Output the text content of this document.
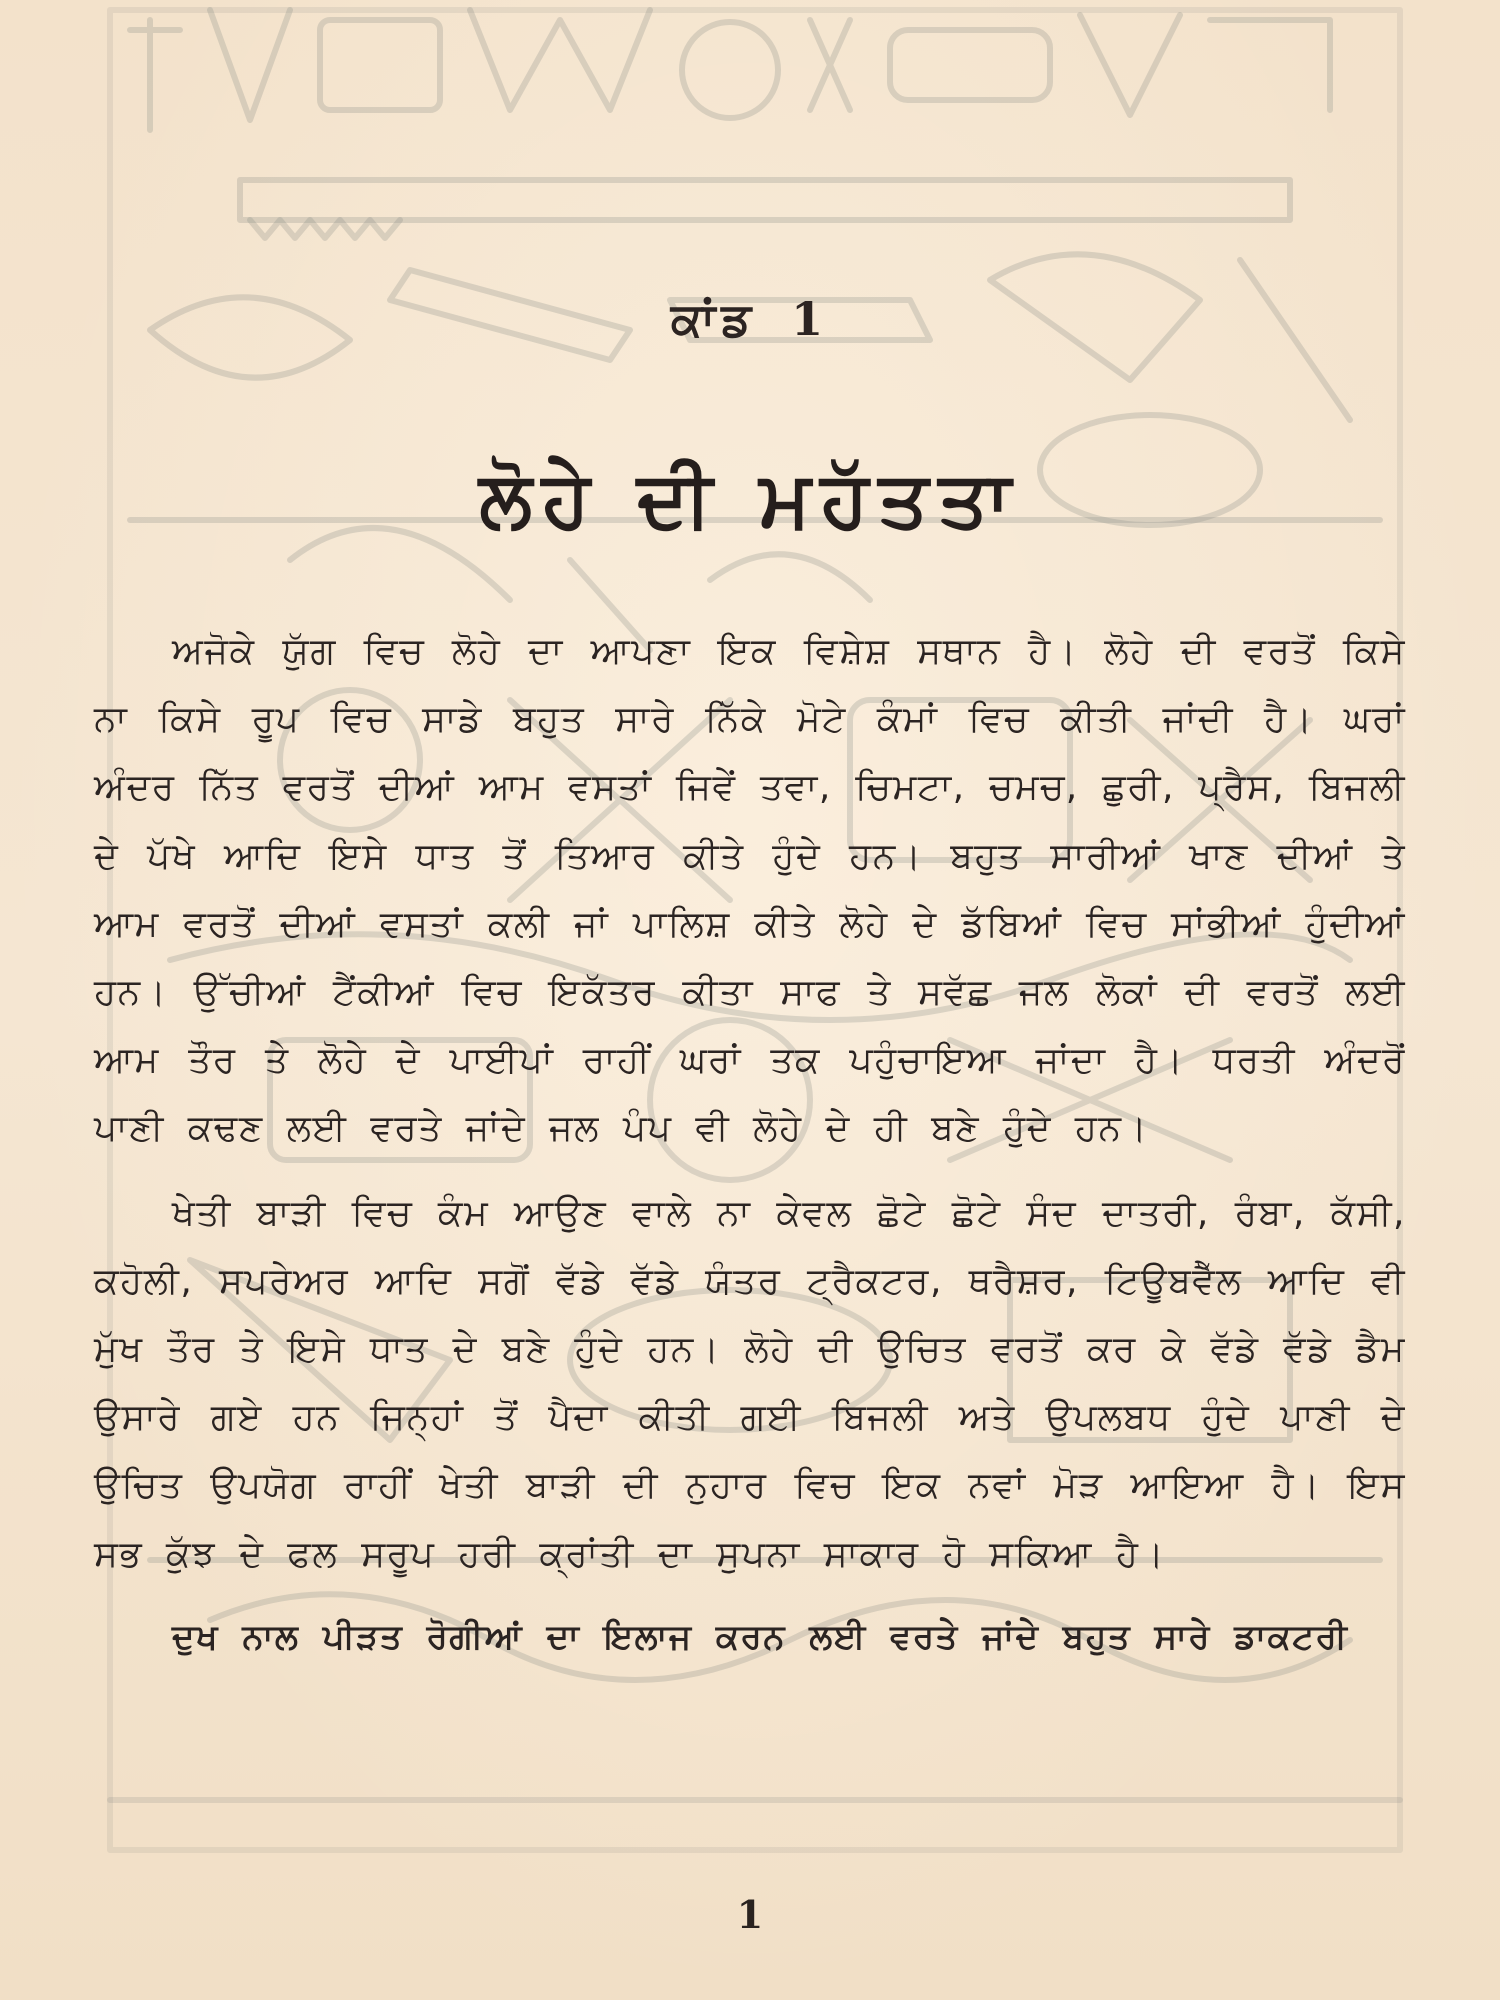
ਕਾਂਡ 1
ਲੋਹੇ ਦੀ ਮਹੱਤਤਾ

ਅਜੋਕੇ ਯੁੱਗ ਵਿਚ ਲੋਹੇ ਦਾ ਆਪਣਾ ਇਕ ਵਿਸ਼ੇਸ਼ ਸਥਾਨ ਹੈ। ਲੋਹੇ ਦੀ ਵਰਤੋਂ ਕਿਸੇ ਨਾ ਕਿਸੇ ਰੂਪ ਵਿਚ ਸਾਡੇ ਬਹੁਤ ਸਾਰੇ ਨਿੱਕੇ ਮੋਟੇ ਕੰਮਾਂ ਵਿਚ ਕੀਤੀ ਜਾਂਦੀ ਹੈ। ਘਰਾਂ ਅੰਦਰ ਨਿੱਤ ਵਰਤੋਂ ਦੀਆਂ ਆਮ ਵਸਤਾਂ ਜਿਵੇਂ ਤਵਾ, ਚਿਮਟਾ, ਚਮਚ, ਛੁਰੀ, ਪ੍ਰੈਸ, ਬਿਜਲੀ ਦੇ ਪੱਖੇ ਆਦਿ ਇਸੇ ਧਾਤ ਤੋਂ ਤਿਆਰ ਕੀਤੇ ਹੁੰਦੇ ਹਨ। ਬਹੁਤ ਸਾਰੀਆਂ ਖਾਣ ਦੀਆਂ ਤੇ ਆਮ ਵਰਤੋਂ ਦੀਆਂ ਵਸਤਾਂ ਕਲੀ ਜਾਂ ਪਾਲਿਸ਼ ਕੀਤੇ ਲੋਹੇ ਦੇ ਡੱਬਿਆਂ ਵਿਚ ਸਾਂਭੀਆਂ ਹੁੰਦੀਆਂ ਹਨ। ਉੱਚੀਆਂ ਟੈਂਕੀਆਂ ਵਿਚ ਇਕੱਤਰ ਕੀਤਾ ਸਾਫ ਤੇ ਸਵੱਛ ਜਲ ਲੋਕਾਂ ਦੀ ਵਰਤੋਂ ਲਈ ਆਮ ਤੌਰ ਤੇ ਲੋਹੇ ਦੇ ਪਾਈਪਾਂ ਰਾਹੀਂ ਘਰਾਂ ਤਕ ਪਹੁੰਚਾਇਆ ਜਾਂਦਾ ਹੈ। ਧਰਤੀ ਅੰਦਰੋਂ ਪਾਣੀ ਕਢਣ ਲਈ ਵਰਤੇ ਜਾਂਦੇ ਜਲ ਪੰਪ ਵੀ ਲੋਹੇ ਦੇ ਹੀ ਬਣੇ ਹੁੰਦੇ ਹਨ।

ਖੇਤੀ ਬਾੜੀ ਵਿਚ ਕੰਮ ਆਉਣ ਵਾਲੇ ਨਾ ਕੇਵਲ ਛੋਟੇ ਛੋਟੇ ਸੰਦ ਦਾਤਰੀ, ਰੰਬਾ, ਕੱਸੀ, ਕਹੋਲੀ, ਸਪਰੇਅਰ ਆਦਿ ਸਗੋਂ ਵੱਡੇ ਵੱਡੇ ਯੰਤਰ ਟ੍ਰੈਕਟਰ, ਥਰੈਸ਼ਰ, ਟਿਊਬਵੈੱਲ ਆਦਿ ਵੀ ਮੁੱਖ ਤੌਰ ਤੇ ਇਸੇ ਧਾਤ ਦੇ ਬਣੇ ਹੁੰਦੇ ਹਨ। ਲੋਹੇ ਦੀ ਉਚਿਤ ਵਰਤੋਂ ਕਰ ਕੇ ਵੱਡੇ ਵੱਡੇ ਡੈਮ ਉਸਾਰੇ ਗਏ ਹਨ ਜਿਨ੍ਹਾਂ ਤੋਂ ਪੈਦਾ ਕੀਤੀ ਗਈ ਬਿਜਲੀ ਅਤੇ ਉਪਲਬਧ ਹੁੰਦੇ ਪਾਣੀ ਦੇ ਉਚਿਤ ਉਪਯੋਗ ਰਾਹੀਂ ਖੇਤੀ ਬਾੜੀ ਦੀ ਨੁਹਾਰ ਵਿਚ ਇਕ ਨਵਾਂ ਮੋੜ ਆਇਆ ਹੈ। ਇਸ ਸਭ ਕੁੱਝ ਦੇ ਫਲ ਸਰੂਪ ਹਰੀ ਕ੍ਰਾਂਤੀ ਦਾ ਸੁਪਨਾ ਸਾਕਾਰ ਹੋ ਸਕਿਆ ਹੈ।

ਦੁਖ ਨਾਲ ਪੀੜਤ ਰੋਗੀਆਂ ਦਾ ਇਲਾਜ ਕਰਨ ਲਈ ਵਰਤੇ ਜਾਂਦੇ ਬਹੁਤ ਸਾਰੇ ਡਾਕਟਰੀ

1
